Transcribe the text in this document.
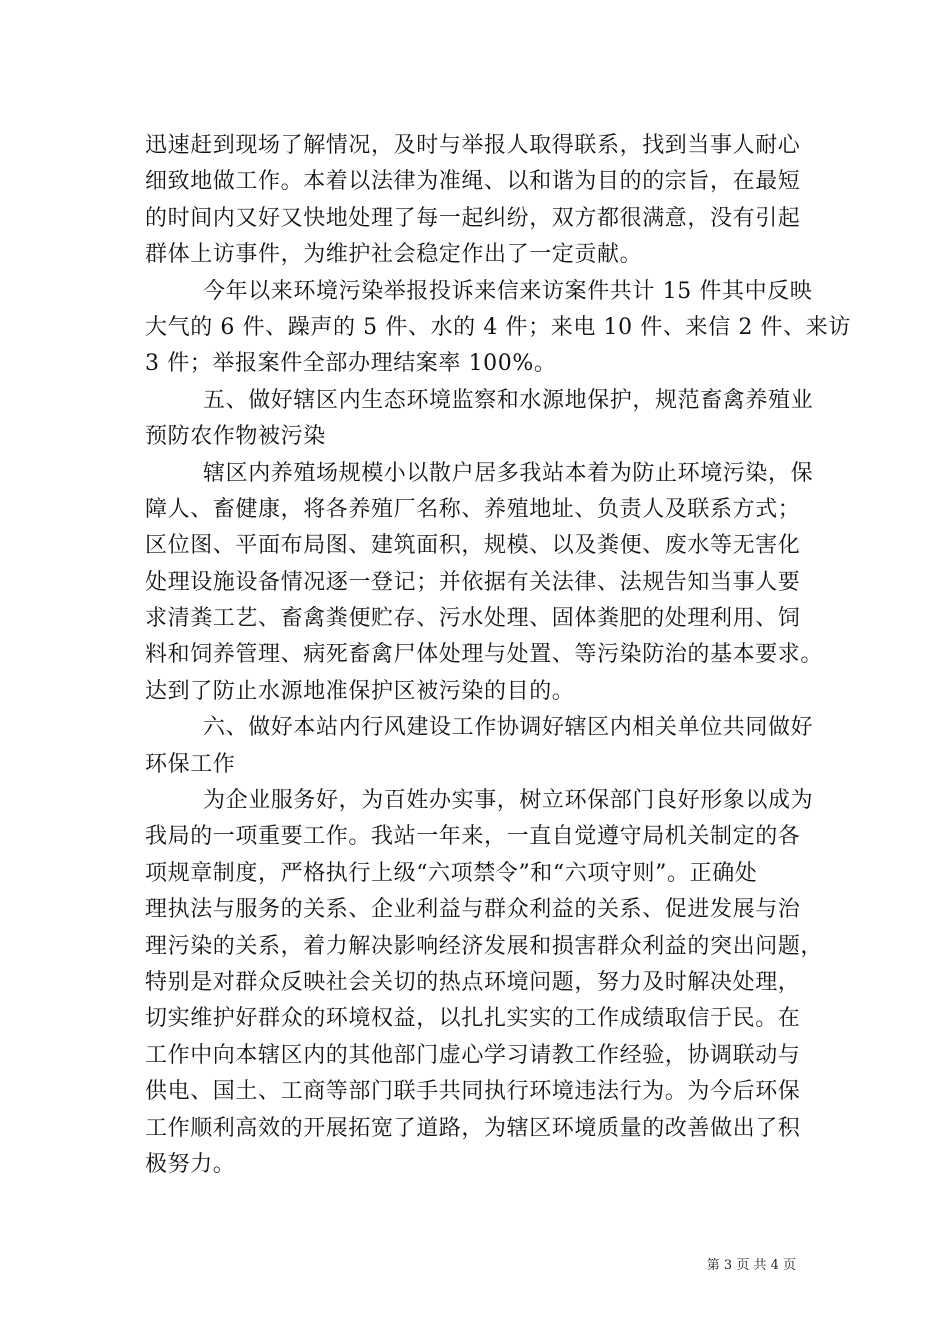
迅速赶到现场了解情况，及时与举报人取得联系，找到当事人耐心
细致地做工作。本着以法律为准绳、以和谐为目的的宗旨，在最短
的时间内又好又快地处理了每一起纠纷，双方都很满意，没有引起
群体上访事件，为维护社会稳定作出了一定贡献。
今年以来环境污染举报投诉来信来访案件共计 15 件其中反映
大气的 6 件、躁声的 5 件、水的 4 件；来电 10 件、来信 2 件、来访
3 件；举报案件全部办理结案率 100%。
五、做好辖区内生态环境监察和水源地保护，规范畜禽养殖业
预防农作物被污染
辖区内养殖场规模小以散户居多我站本着为防止环境污染，保
障人、畜健康，将各养殖厂名称、养殖地址、负责人及联系方式；
区位图、平面布局图、建筑面积，规模、以及粪便、废水等无害化
处理设施设备情况逐一登记；并依据有关法律、法规告知当事人要
求清粪工艺、畜禽粪便贮存、污水处理、固体粪肥的处理利用、饲
料和饲养管理、病死畜禽尸体处理与处置、等污染防治的基本要求。
达到了防止水源地准保护区被污染的目的。
六、做好本站内行风建设工作协调好辖区内相关单位共同做好
环保工作
为企业服务好，为百姓办实事，树立环保部门良好形象以成为
我局的一项重要工作。我站一年来，一直自觉遵守局机关制定的各
项规章制度，严格执行上级“六项禁令”和“六项守则”。正确处
理执法与服务的关系、企业利益与群众利益的关系、促进发展与治
理污染的关系，着力解决影响经济发展和损害群众利益的突出问题，
特别是对群众反映社会关切的热点环境问题，努力及时解决处理，
切实维护好群众的环境权益，以扎扎实实的工作成绩取信于民。在
工作中向本辖区内的其他部门虚心学习请教工作经验，协调联动与
供电、国土、工商等部门联手共同执行环境违法行为。为今后环保
工作顺利高效的开展拓宽了道路，为辖区环境质量的改善做出了积
极努力。
第 3 页 共 4 页
